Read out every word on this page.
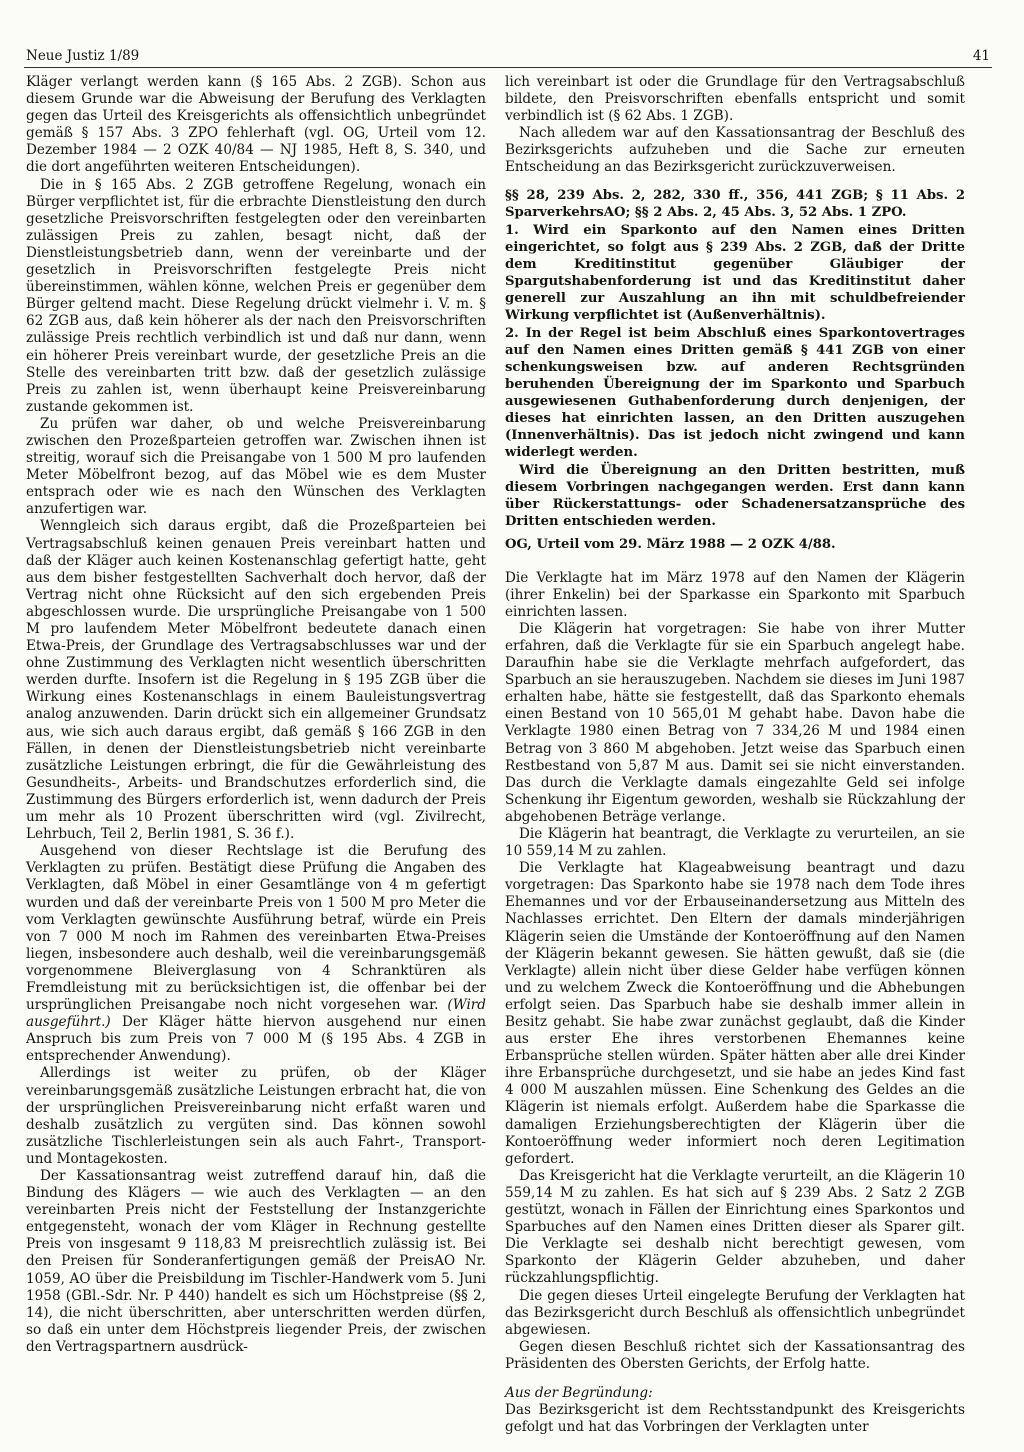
Neue Justiz 1/89	41

Kläger verlangt werden kann (§ 165 Abs. 2 ZGB). Schon aus diesem Grunde war die Abweisung der Berufung des Verklagten gegen das Urteil des Kreisgerichts als offensichtlich unbegründet gemäß § 157 Abs. 3 ZPO fehlerhaft (vgl. OG, Urteil vom 12. Dezember 1984 — 2 OZK 40/84 — NJ 1985, Heft 8, S. 340, und die dort angeführten weiteren Entscheidungen).

Die in § 165 Abs. 2 ZGB getroffene Regelung, wonach ein Bürger verpflichtet ist, für die erbrachte Dienstleistung den durch gesetzliche Preisvorschriften festgelegten oder den vereinbarten zulässigen Preis zu zahlen, besagt nicht, daß der Dienstleistungsbetrieb dann, wenn der vereinbarte und der gesetzlich in Preisvorschriften festgelegte Preis nicht übereinstimmen, wählen könne, welchen Preis er gegenüber dem Bürger geltend macht. Diese Regelung drückt vielmehr i. V. m. § 62 ZGB aus, daß kein höherer als der nach den Preisvorschriften zulässige Preis rechtlich verbindlich ist und daß nur dann, wenn ein höherer Preis vereinbart wurde, der gesetzliche Preis an die Stelle des vereinbarten tritt bzw. daß der gesetzlich zulässige Preis zu zahlen ist, wenn überhaupt keine Preisvereinbarung zustande gekommen ist.

Zu prüfen war daher, ob und welche Preisvereinbarung zwischen den Prozeßparteien getroffen war. Zwischen ihnen ist streitig, worauf sich die Preisangabe von 1 500 M pro laufenden Meter Möbelfront bezog, auf das Möbel wie es dem Muster entsprach oder wie es nach den Wünschen des Verklagten anzufertigen war.

Wenngleich sich daraus ergibt, daß die Prozeßparteien bei Vertragsabschluß keinen genauen Preis vereinbart hatten und daß der Kläger auch keinen Kostenanschlag gefertigt hatte, geht aus dem bisher festgestellten Sachverhalt doch hervor, daß der Vertrag nicht ohne Rücksicht auf den sich ergebenden Preis abgeschlossen wurde. Die ursprüngliche Preisangabe von 1 500 M pro laufendem Meter Möbelfront bedeutete danach einen Etwa-Preis, der Grundlage des Vertragsabschlusses war und der ohne Zustimmung des Verklagten nicht wesentlich überschritten werden durfte. Insofern ist die Regelung in § 195 ZGB über die Wirkung eines Kostenanschlags in einem Bauleistungsvertrag analog anzuwenden. Darin drückt sich ein allgemeiner Grundsatz aus, wie sich auch daraus ergibt, daß gemäß § 166 ZGB in den Fällen, in denen der Dienstleistungsbetrieb nicht vereinbarte zusätzliche Leistungen erbringt, die für die Gewährleistung des Gesundheits-, Arbeits- und Brandschutzes erforderlich sind, die Zustimmung des Bürgers erforderlich ist, wenn dadurch der Preis um mehr als 10 Prozent überschritten wird (vgl. Zivilrecht, Lehrbuch, Teil 2, Berlin 1981, S. 36 f.).

Ausgehend von dieser Rechtslage ist die Berufung des Verklagten zu prüfen. Bestätigt diese Prüfung die Angaben des Verklagten, daß Möbel in einer Gesamtlänge von 4 m gefertigt wurden und daß der vereinbarte Preis von 1 500 M pro Meter die vom Verklagten gewünschte Ausführung betraf, würde ein Preis von 7 000 M noch im Rahmen des vereinbarten Etwa-Preises liegen, insbesondere auch deshalb, weil die vereinbarungsgemäß vorgenommene Bleiverglasung von 4 Schranktüren als Fremdleistung mit zu berücksichtigen ist, die offenbar bei der ursprünglichen Preisangabe noch nicht vorgesehen war. (Wird ausgeführt.) Der Kläger hätte hiervon ausgehend nur einen Anspruch bis zum Preis von 7 000 M (§ 195 Abs. 4 ZGB in entsprechender Anwendung).

Allerdings ist weiter zu prüfen, ob der Kläger vereinbarungsgemäß zusätzliche Leistungen erbracht hat, die von der ursprünglichen Preisvereinbarung nicht erfaßt waren und deshalb zusätzlich zu vergüten sind. Das können sowohl zusätzliche Tischlerleistungen sein als auch Fahrt-, Transport- und Montagekosten.

Der Kassationsantrag weist zutreffend darauf hin, daß die Bindung des Klägers — wie auch des Verklagten — an den vereinbarten Preis nicht der Feststellung der Instanzgerichte entgegensteht, wonach der vom Kläger in Rechnung gestellte Preis von insgesamt 9 118,83 M preisrechtlich zulässig ist. Bei den Preisen für Sonderanfertigungen gemäß der PreisAO Nr. 1059, AO über die Preisbildung im Tischler-Handwerk vom 5. Juni 1958 (GBl.-Sdr. Nr. P 440) handelt es sich um Höchstpreise (§§ 2, 14), die nicht überschritten, aber unterschritten werden dürfen, so daß ein unter dem Höchstpreis liegender Preis, der zwischen den Vertragspartnern ausdrück-

lich vereinbart ist oder die Grundlage für den Vertragsabschluß bildete, den Preisvorschriften ebenfalls entspricht und somit verbindlich ist (§ 62 Abs. 1 ZGB).

Nach alledem war auf den Kassationsantrag der Beschluß des Bezirksgerichts aufzuheben und die Sache zur erneuten Entscheidung an das Bezirksgericht zurückzuverweisen.

§§ 28, 239 Abs. 2, 282, 330 ff., 356, 441 ZGB; § 11 Abs. 2 SparverkehrsAO; §§ 2 Abs. 2, 45 Abs. 3, 52 Abs. 1 ZPO.

1. Wird ein Sparkonto auf den Namen eines Dritten eingerichtet, so folgt aus § 239 Abs. 2 ZGB, daß der Dritte dem Kreditinstitut gegenüber Gläubiger der Spargutshabenforderung ist und das Kreditinstitut daher generell zur Auszahlung an ihn mit schuldbefreiender Wirkung verpflichtet ist (Außenverhältnis).

2. In der Regel ist beim Abschluß eines Sparkontovertrages auf den Namen eines Dritten gemäß § 441 ZGB von einer schenkungsweisen bzw. auf anderen Rechtsgründen beruhenden Übereignung der im Sparkonto und Sparbuch ausgewiesenen Guthabenforderung durch denjenigen, der dieses hat einrichten lassen, an den Dritten auszugehen (Innenverhältnis). Das ist jedoch nicht zwingend und kann widerlegt werden.

Wird die Übereignung an den Dritten bestritten, muß diesem Vorbringen nachgegangen werden. Erst dann kann über Rückerstattungs- oder Schadenersatzansprüche des Dritten entschieden werden.

OG, Urteil vom 29. März 1988 — 2 OZK 4/88.

Die Verklagte hat im März 1978 auf den Namen der Klägerin (ihrer Enkelin) bei der Sparkasse ein Sparkonto mit Sparbuch einrichten lassen.

Die Klägerin hat vorgetragen: Sie habe von ihrer Mutter erfahren, daß die Verklagte für sie ein Sparbuch angelegt habe. Daraufhin habe sie die Verklagte mehrfach aufgefordert, das Sparbuch an sie herauszugeben. Nachdem sie dieses im Juni 1987 erhalten habe, hätte sie festgestellt, daß das Sparkonto ehemals einen Bestand von 10 565,01 M gehabt habe. Davon habe die Verklagte 1980 einen Betrag von 7 334,26 M und 1984 einen Betrag von 3 860 M abgehoben. Jetzt weise das Sparbuch einen Restbestand von 5,87 M aus. Damit sei sie nicht einverstanden. Das durch die Verklagte damals eingezahlte Geld sei infolge Schenkung ihr Eigentum geworden, weshalb sie Rückzahlung der abgehobenen Beträge verlange.

Die Klägerin hat beantragt, die Verklagte zu verurteilen, an sie 10 559,14 M zu zahlen.

Die Verklagte hat Klageabweisung beantragt und dazu vorgetragen: Das Sparkonto habe sie 1978 nach dem Tode ihres Ehemannes und vor der Erbauseinandersetzung aus Mitteln des Nachlasses errichtet. Den Eltern der damals minderjährigen Klägerin seien die Umstände der Kontoeröffnung auf den Namen der Klägerin bekannt gewesen. Sie hätten gewußt, daß sie (die Verklagte) allein nicht über diese Gelder habe verfügen können und zu welchem Zweck die Kontoeröffnung und die Abhebungen erfolgt seien. Das Sparbuch habe sie deshalb immer allein in Besitz gehabt. Sie habe zwar zunächst geglaubt, daß die Kinder aus erster Ehe ihres verstorbenen Ehemannes keine Erbansprüche stellen würden. Später hätten aber alle drei Kinder ihre Erbansprüche durchgesetzt, und sie habe an jedes Kind fast 4 000 M auszahlen müssen. Eine Schenkung des Geldes an die Klägerin ist niemals erfolgt. Außerdem habe die Sparkasse die damaligen Erziehungsberechtigten der Klägerin über die Kontoeröffnung weder informiert noch deren Legitimation gefordert.

Das Kreisgericht hat die Verklagte verurteilt, an die Klägerin 10 559,14 M zu zahlen. Es hat sich auf § 239 Abs. 2 Satz 2 ZGB gestützt, wonach in Fällen der Einrichtung eines Sparkontos und Sparbuches auf den Namen eines Dritten dieser als Sparer gilt. Die Verklagte sei deshalb nicht berechtigt gewesen, vom Sparkonto der Klägerin Gelder abzuheben, und daher rückzahlungspflichtig.

Die gegen dieses Urteil eingelegte Berufung der Verklagten hat das Bezirksgericht durch Beschluß als offensichtlich unbegründet abgewiesen.

Gegen diesen Beschluß richtet sich der Kassationsantrag des Präsidenten des Obersten Gerichts, der Erfolg hatte.

Aus der Begründung:

Das Bezirksgericht ist dem Rechtsstandpunkt des Kreisgerichts gefolgt und hat das Vorbringen der Verklagten unter
